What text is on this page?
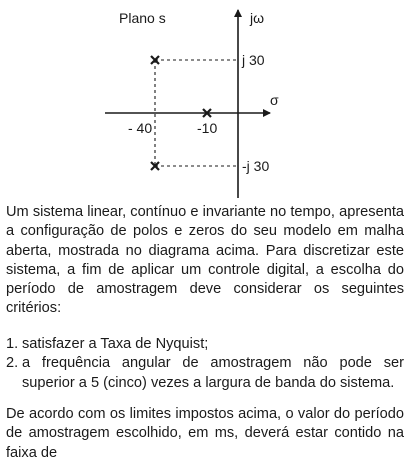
Plano s	jω
σ
j 30
-j 30
- 40	-10
Um sistema linear, contínuo e invariante no tempo, apresenta a configuração de polos e zeros do seu modelo em malha aberta, mostrada no diagrama acima. Para discretizar este sistema, a fim de aplicar um controle digital, a escolha do período de amostragem deve considerar os seguintes critérios:
1. satisfazer a Taxa de Nyquist;
2. a frequência angular de amostragem não pode ser superior a 5 (cinco) vezes a largura de banda do sistema.
De acordo com os limites impostos acima, o valor do período de amostragem escolhido, em ms, deverá estar contido na faixa de
